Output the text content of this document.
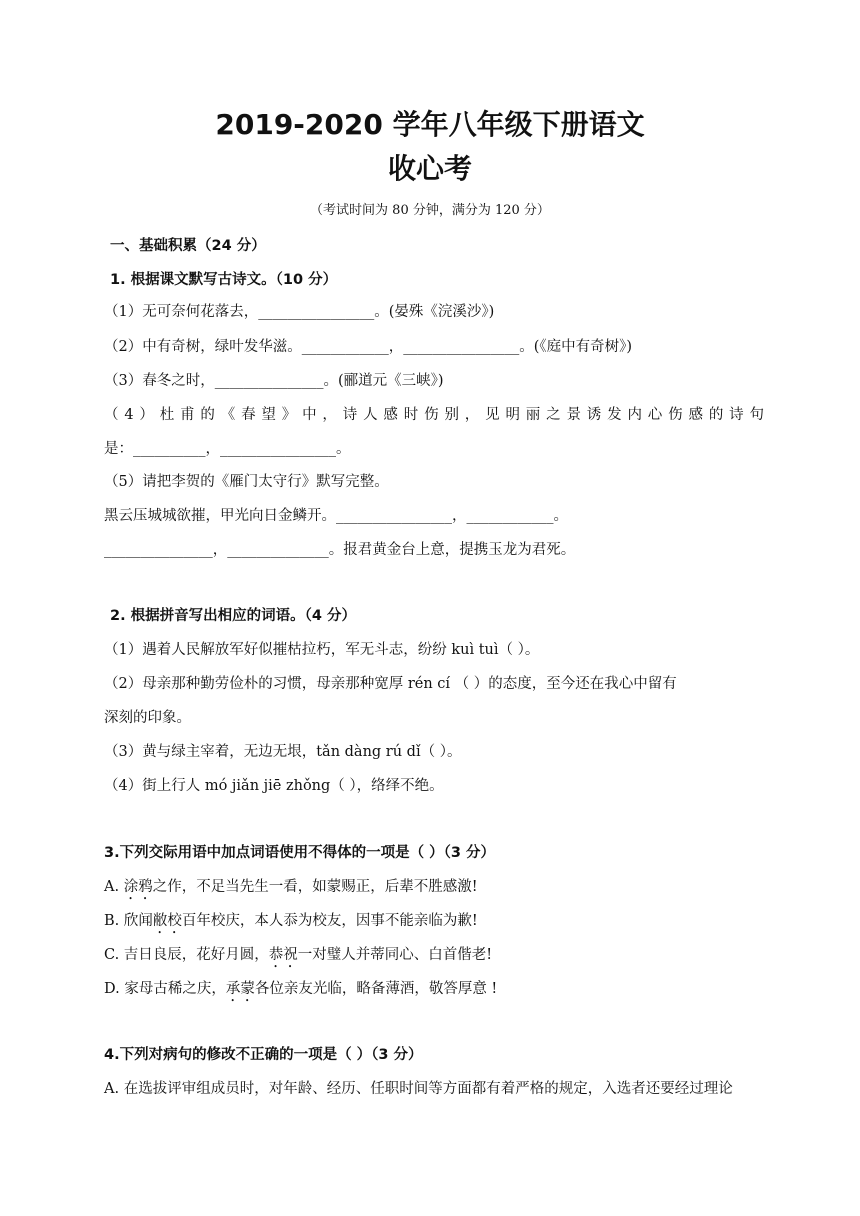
2019-2020 学年八年级下册语文
收心考
（考试时间为 80 分钟，满分为 120 分）
一、基础积累（24 分）
1. 根据课文默写古诗文。（10 分）
（1）无可奈何花落去，________________。(晏殊《浣溪沙》)
（2）中有奇树，绿叶发华滋。____________，________________。(《庭中有奇树》)
（3）春冬之时，_______________。(郦道元《三峡》)
（4）杜甫的《春望》中，诗人感时伤别，见明丽之景诱发内心伤感的诗句
是：__________，________________。
（5）请把李贺的《雁门太守行》默写完整。
黑云压城城欲摧，甲光向日金鳞开。________________，____________。
_______________，______________。报君黄金台上意，提携玉龙为君死。
2. 根据拼音写出相应的词语。（4 分）
（1）遇着人民解放军好似摧枯拉朽，军无斗志，纷纷 kuì tuì（ ）。
（2）母亲那种勤劳俭朴的习惯，母亲那种宽厚 rén cí （ ）的态度，至今还在我心中留有
深刻的印象。
（3）黄与绿主宰着，无边无垠，tǎn dàng rú dǐ（ ）。
（4）街上行人 mó jiǎn jiē zhǒng（ ），络绎不绝。
3.下列交际用语中加点词语使用不得体的一项是（ ）（3 分）
A. 涂鸦之作，不足当先生一看，如蒙赐正，后辈不胜感激!
B. 欣闻敝校百年校庆，本人忝为校友，因事不能亲临为歉!
C. 吉日良辰，花好月圆，恭祝一对璧人并蒂同心、白首偕老!
D. 家母古稀之庆，承蒙各位亲友光临，略备薄酒，敬答厚意 !
4.下列对病句的修改不正确的一项是（ ）（3 分）
A. 在选拔评审组成员时，对年龄、经历、任职时间等方面都有着严格的规定，入选者还要经过理论
